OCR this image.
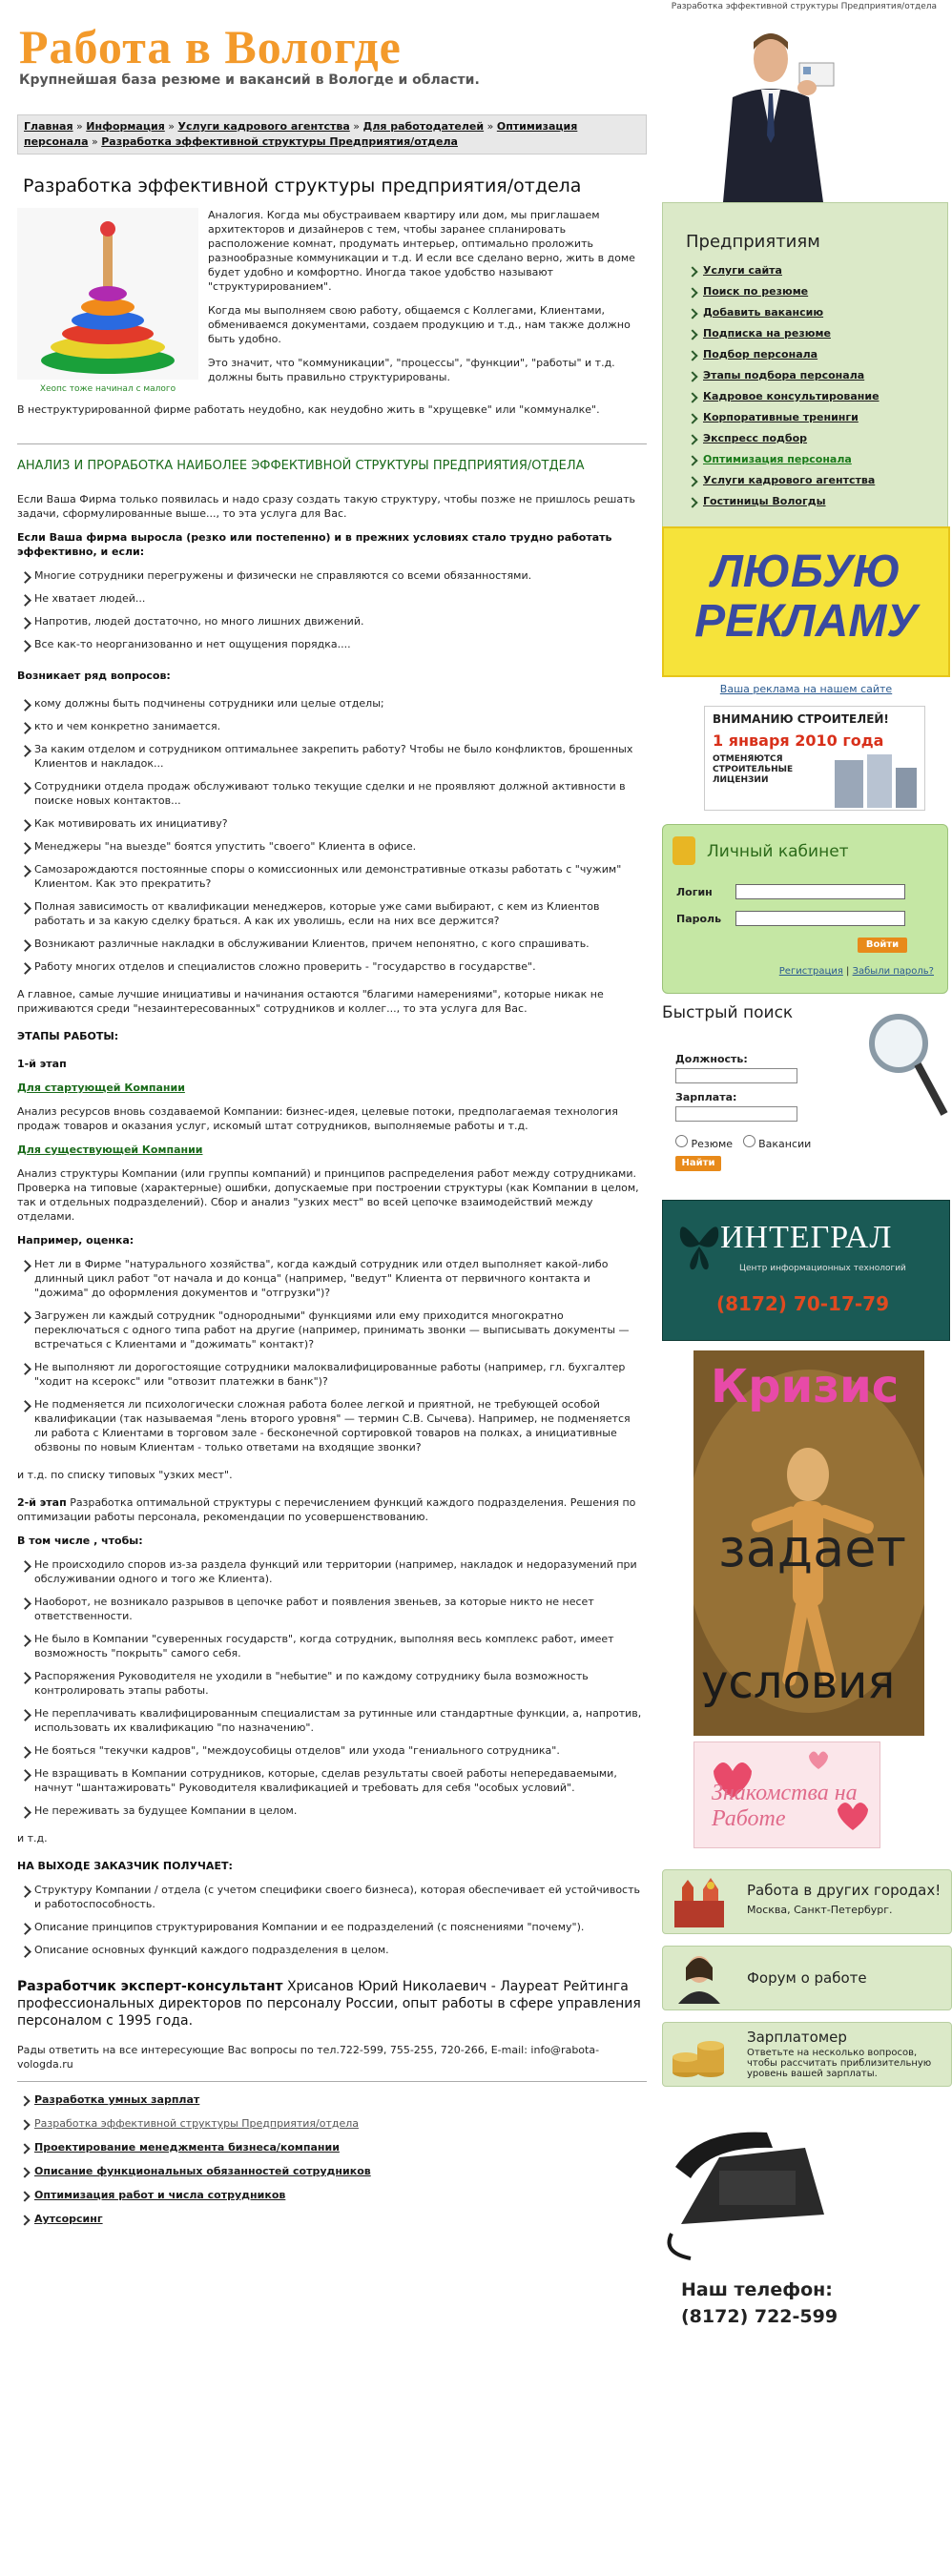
Разработка эффективной структуры Предприятия/отдела
Работа в Вологде
Крупнейшая база резюме и вакансий в Вологде и области.
Главная » Информация » Услуги кадрового агентства » Для работодателей » Оптимизация персонала » Разработка эффективной структуры Предприятия/отдела
Разработка эффективной структуры предприятия/отдела
Хеопс тоже начинал с малого

Аналогия. Когда мы обустраиваем квартиру или дом, мы приглашаем архитекторов и дизайнеров с тем, чтобы заранее спланировать расположение комнат, продумать интерьер, оптимально проложить разнообразные коммуникации и т.д. И если все сделано верно, жить в доме будет удобно и комфортно. Иногда такое удобство называют "структурированием".

Когда мы выполняем свою работу, общаемся с Коллегами, Клиентами, обмениваемся документами, создаем продукцию и т.д., нам также должно быть удобно.

Это значит, что "коммуникации", "процессы", "функции", "работы" и т.д. должны быть правильно структурированы.

В неструктурированной фирме работать неудобно, как неудобно жить в "хрущевке" или "коммуналке".

АНАЛИЗ И ПРОРАБОТКА НАИБОЛЕЕ ЭФФЕКТИВНОЙ СТРУКТУРЫ ПРЕДПРИЯТИЯ/ОТДЕЛА

Если Ваша Фирма только появилась и надо сразу создать такую структуру, чтобы позже не пришлось решать задачи, сформулированные выше..., то эта услуга для Вас.

Если Ваша фирма выросла (резко или постепенно) и в прежних условиях стало трудно работать эффективно, и если:

Многие сотрудники перегружены и физически не справляются со всеми обязанностями.
Не хватает людей...
Напротив, людей достаточно, но много лишних движений.
Все как-то неорганизованно и нет ощущения порядка....

Возникает ряд вопросов:

кому должны быть подчинены сотрудники или целые отделы;
кто и чем конкретно занимается.
За каким отделом и сотрудником оптимальнее закрепить работу? Чтобы не было конфликтов, брошенных Клиентов и накладок...
Сотрудники отдела продаж обслуживают только текущие сделки и не проявляют должной активности в поиске новых контактов...
Как мотивировать их инициативу?
Менеджеры "на выезде" боятся упустить "своего" Клиента в офисе.
Самозарождаются постоянные споры о комиссионных или демонстративные отказы работать с "чужим" Клиентом. Как это прекратить?
Полная зависимость от квалификации менеджеров, которые уже сами выбирают, с кем из Клиентов работать и за какую сделку браться. А как их уволишь, если на них все держится?
Возникают различные накладки в обслуживании Клиентов, причем непонятно, с кого спрашивать.
Работу многих отделов и специалистов сложно проверить - "государство в государстве".

А главное, самые лучшие инициативы и начинания остаются "благими намерениями", которые никак не приживаются среди "незаинтересованных" сотрудников и коллег..., то эта услуга для Вас.

ЭТАПЫ РАБОТЫ:

1-й этап

Для стартующей Компании

Анализ ресурсов вновь создаваемой Компании: бизнес-идея, целевые потоки, предполагаемая технология продаж товаров и оказания услуг, искомый штат сотрудников, выполняемые работы и т.д.

Для существующей Компании

Анализ структуры Компании (или группы компаний) и принципов распределения работ между сотрудниками. Проверка на типовые (характерные) ошибки, допускаемые при построении структуры (как Компании в целом, так и отдельных подразделений). Сбор и анализ "узких мест" во всей цепочке взаимодействий между отделами.

Например, оценка:

Нет ли в Фирме "натурального хозяйства", когда каждый сотрудник или отдел выполняет какой-либо длинный цикл работ "от начала и до конца" (например, "ведут" Клиента от первичного контакта и "дожима" до оформления документов и "отгрузки")?
Загружен ли каждый сотрудник "однородными" функциями или ему приходится многократно переключаться с одного типа работ на другие (например, принимать звонки — выписывать документы — встречаться с Клиентами и "дожимать" контакт)?
Не выполняют ли дорогостоящие сотрудники малоквалифицированные работы (например, гл. бухгалтер "ходит на ксерокс" или "отвозит платежки в банк")?
Не подменяется ли психологически сложная работа более легкой и приятной, не требующей особой квалификации (так называемая "лень второго уровня" — термин С.В. Сычева). Например, не подменяется ли работа с Клиентами в торговом зале - бесконечной сортировкой товаров на полках, а инициативные обзвоны по новым Клиентам - только ответами на входящие звонки?

и т.д. по списку типовых "узких мест".

2-й этап Разработка оптимальной структуры с перечислением функций каждого подразделения. Решения по оптимизации работы персонала, рекомендации по усовершенствованию.

В том числе , чтобы:

Не происходило споров из-за раздела функций или территории (например, накладок и недоразумений при обслуживании одного и того же Клиента).
Наоборот, не возникало разрывов в цепочке работ и появления звеньев, за которые никто не несет ответственности.
Не было в Компании "суверенных государств", когда сотрудник, выполняя весь комплекс работ, имеет возможность "покрыть" самого себя.
Распоряжения Руководителя не уходили в "небытие" и по каждому сотруднику была возможность контролировать этапы работы.
Не переплачивать квалифицированным специалистам за рутинные или стандартные функции, а, напротив, использовать их квалификацию "по назначению".
Не бояться "текучки кадров", "междоусобицы отделов" или ухода "гениального сотрудника".
Не взращивать в Компании сотрудников, которые, сделав результаты своей работы непередаваемыми, начнут "шантажировать" Руководителя квалификацией и требовать для себя "особых условий".
Не переживать за будущее Компании в целом.

и т.д.

НА ВЫХОДЕ ЗАКАЗЧИК ПОЛУЧАЕТ:

Структуру Компании / отдела (с учетом специфики своего бизнеса), которая обеспечивает ей устойчивость и работоспособность.
Описание принципов структурирования Компании и ее подразделений (с пояснениями "почему").
Описание основных функций каждого подразделения в целом.
Разработчик эксперт-консультант Хрисанов Юрий Николаевич - Лауреат Рейтинга профессиональных директоров по персоналу России, опыт работы в сфере управления персоналом с 1995 года.

Рады ответить на все интересующие Вас вопросы по тел.722-599, 755-255, 720-266, E-mail: info@rabota-vologda.ru

Разработка умных зарплат
Разработка эффективной структуры Предприятия/отдела
Проектирование менеджмента бизнеса/компании
Описание функциональных обязанностей сотрудников
Оптимизация работ и числа сотрудников
Аутсорсинг
Предприятиям
Услуги сайта
Поиск по резюме
Добавить вакансию
Подписка на резюме
Подбор персонала
Этапы подбора персонала
Кадровое консультирование
Корпоративные тренинги
Экспресс подбор
Оптимизация персонала
Услуги кадрового агентства
Гостиницы Вологды
ЛЮБУЮ
РЕКЛАМУ
Ваша реклама на нашем сайте
ВНИМАНИЮ СТРОИТЕЛЕЙ!
1 января 2010 года
ОТМЕНЯЮТСЯ СТРОИТЕЛЬНЫЕ ЛИЦЕНЗИИ
Личный кабинет
Логин
Пароль
Войти
Регистрация | Забыли пароль?
Быстрый поиск
Должность:
Зарплата:
Резюме Вакансии
Найти
ИНТЕГРАЛ
Центр информационных технологий
(8172) 70-17-79
Кризис
задает
условия
Знакомства на Работе
Работа в других городах!
Москва, Санкт-Петербург.
Форум о работе
Зарплатомер
Ответьте на несколько вопросов, чтобы рассчитать приблизительную уровень вашей зарплаты.
Наш телефон:
(8172) 722-599
